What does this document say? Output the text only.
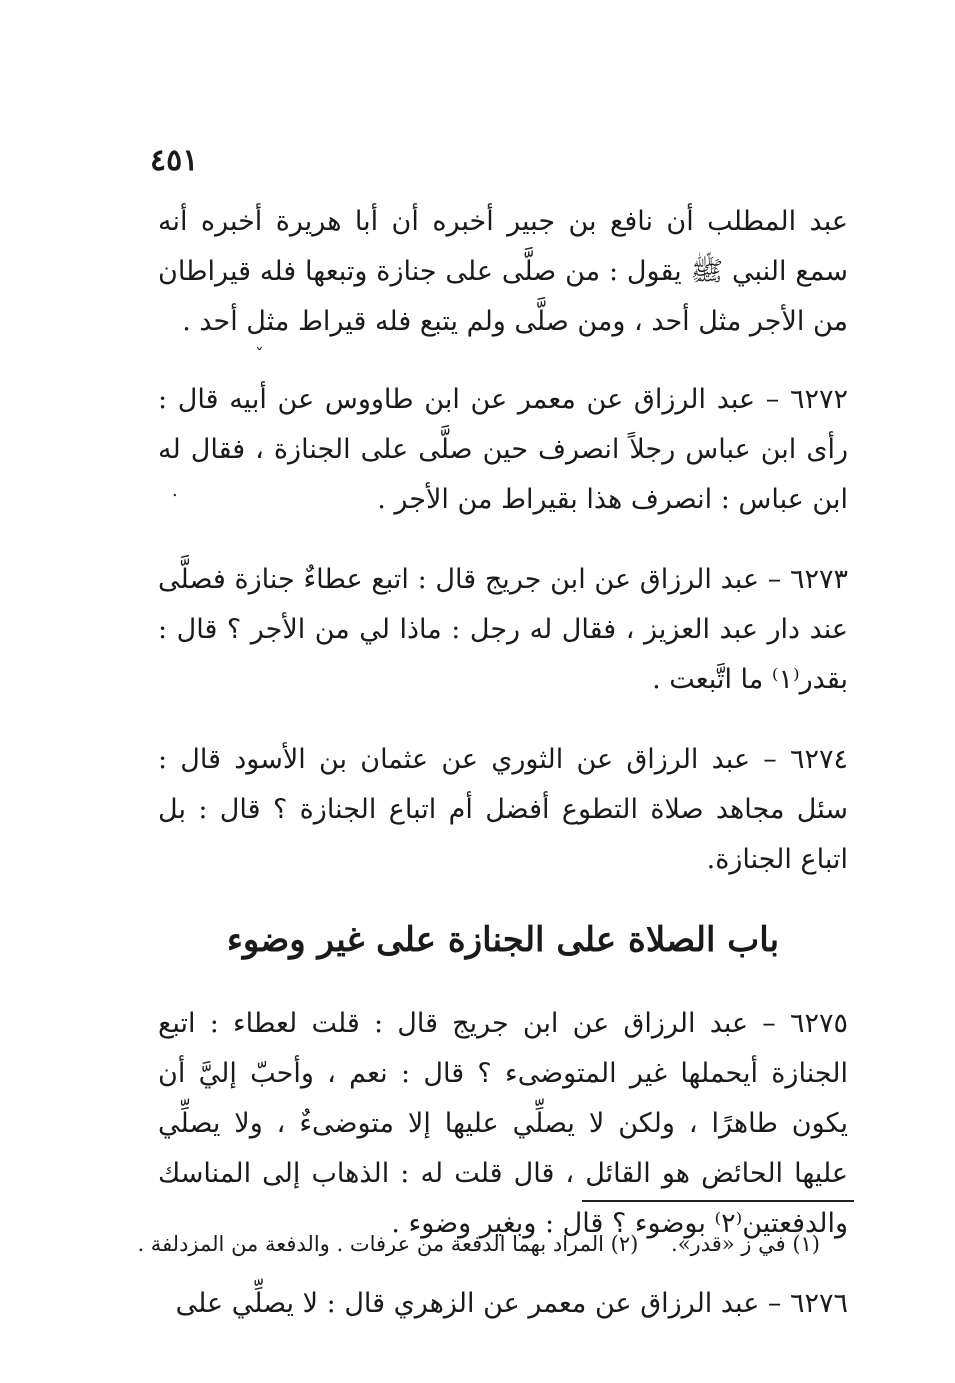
٤٥١

عبد المطلب أن نافع بن جبير أخبره أن أبا هريرة أخبره أنه سمع النبي ﷺ يقول : من صلَّى على جنازة وتبعها فله قيراطان من الأجر مثل أحد ، ومن صلَّى ولم يتبع فله قيراط مثل أحد .

٦٢٧٢ – عبد الرزاق عن معمر عن ابن طاووس عن أبيه قال : رأى ابن عباس رجلاً انصرف حين صلَّى على الجنازة ، فقال له ابن عباس : انصرف هذا بقيراط من الأجر .

٦٢٧٣ – عبد الرزاق عن ابن جريج قال : اتبع عطاءٌ جنازة فصلَّى عند دار عبد العزيز ، فقال له رجل : ماذا لي من الأجر ؟ قال : بقدر⁽١⁾ ما اتَّبعت .

٦٢٧٤ – عبد الرزاق عن الثوري عن عثمان بن الأسود قال : سئل مجاهد صلاة التطوع أفضل أم اتباع الجنازة ؟ قال : بل اتباع الجنازة.

باب الصلاة على الجنازة على غير وضوء

٦٢٧٥ – عبد الرزاق عن ابن جريج قال : قلت لعطاء : اتبع الجنازة أيحملها غير المتوضىء ؟ قال : نعم ، وأحبّ إليَّ أن يكون طاهرًا ، ولكن لا يصلِّي عليها إلا متوضىءٌ ، ولا يصلِّي عليها الحائض هو القائل ، قال قلت له : الذهاب إلى المناسك والدفعتين⁽٢⁾ بوضوء ؟ قال : وبغير وضوء .

٦٢٧٦ – عبد الرزاق عن معمر عن الزهري قال : لا يصلِّي على

(١) في ز «قدر». (٢) المراد بهما الدفعة من عرفات . والدفعة من المزدلفة .
ˇ
.
